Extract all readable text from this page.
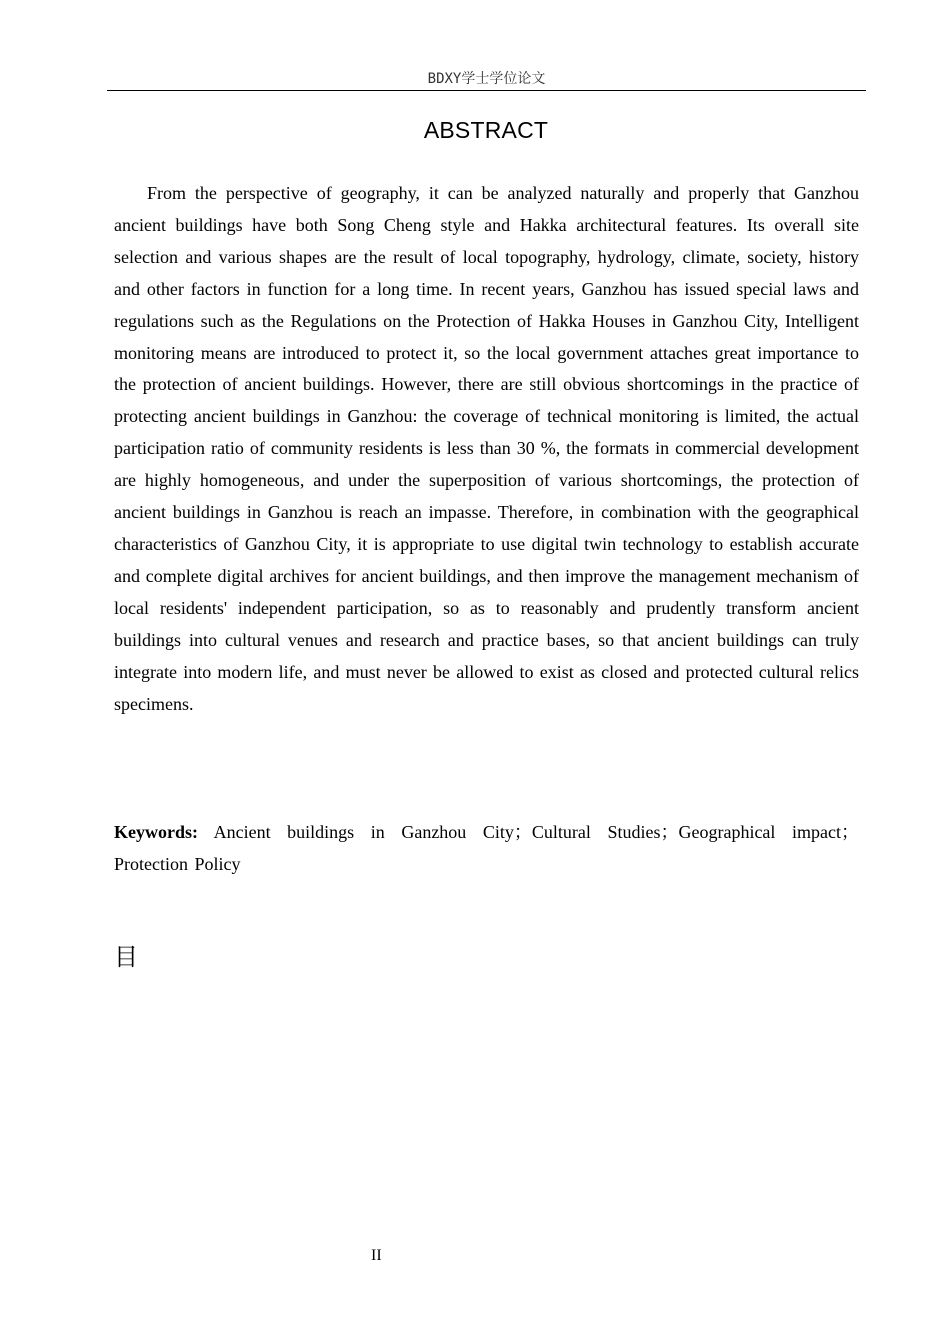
BDXY学士学位论文
ABSTRACT

From the perspective of geography, it can be analyzed naturally and properly that Ganzhou ancient buildings have both Song Cheng style and Hakka architectural features. Its overall site selection and various shapes are the result of local topography, hydrology, climate, society, history and other factors in function for a long time. In recent years, Ganzhou has issued special laws and regulations such as the Regulations on the Protection of Hakka Houses in Ganzhou City, Intelligent monitoring means are introduced to protect it, so the local government attaches great importance to the protection of ancient buildings. However, there are still obvious shortcomings in the practice of protecting ancient buildings in Ganzhou: the coverage of technical monitoring is limited, the actual participation ratio of community residents is less than 30 %, the formats in commercial development are highly homogeneous, and under the superposition of various shortcomings, the protection of ancient buildings in Ganzhou is reach an impasse. Therefore, in combination with the geographical characteristics of Ganzhou City, it is appropriate to use digital twin technology to establish accurate and complete digital archives for ancient buildings, and then improve the management mechanism of local residents' independent participation, so as to reasonably and prudently transform ancient buildings into cultural venues and research and practice bases, so that ancient buildings can truly integrate into modern life, and must never be allowed to exist as closed and protected cultural relics specimens.

Keywords: Ancient buildings in Ganzhou City；Cultural Studies；Geographical impact；Protection Policy

目
II
